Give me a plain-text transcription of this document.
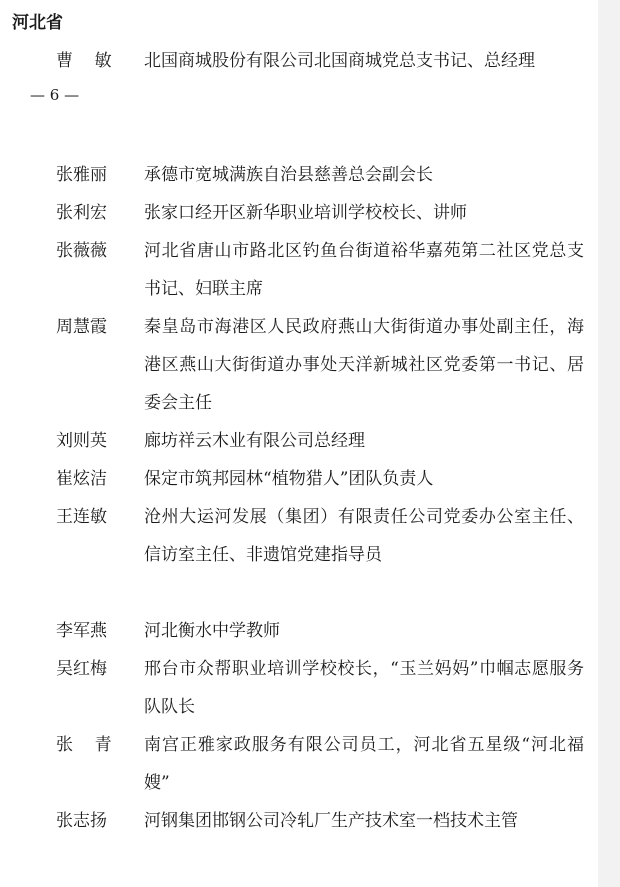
河北省
曹    敏	北国商城股份有限公司北国商城党总支书记、总经理
— 6 —
张雅丽	承德市宽城满族自治县慈善总会副会长
张利宏	张家口经开区新华职业培训学校校长、讲师
张薇薇	河北省唐山市路北区钓鱼台街道裕华嘉苑第二社区党总支书记、妇联主席
周慧霞	秦皇岛市海港区人民政府燕山大街街道办事处副主任，海港区燕山大街街道办事处天洋新城社区党委第一书记、居委会主任
刘则英	廊坊祥云木业有限公司总经理
崔炫洁	保定市筑邦园林“植物猎人”团队负责人
王连敏	沧州大运河发展（集团）有限责任公司党委办公室主任、信访室主任、非遗馆党建指导员
李军燕	河北衡水中学教师
吴红梅	邢台市众帮职业培训学校校长，“玉兰妈妈”巾帼志愿服务队队长
张    青	南宫正雅家政服务有限公司员工，河北省五星级“河北福嫂”
张志扬	河钢集团邯钢公司冷轧厂生产技术室一档技术主管
